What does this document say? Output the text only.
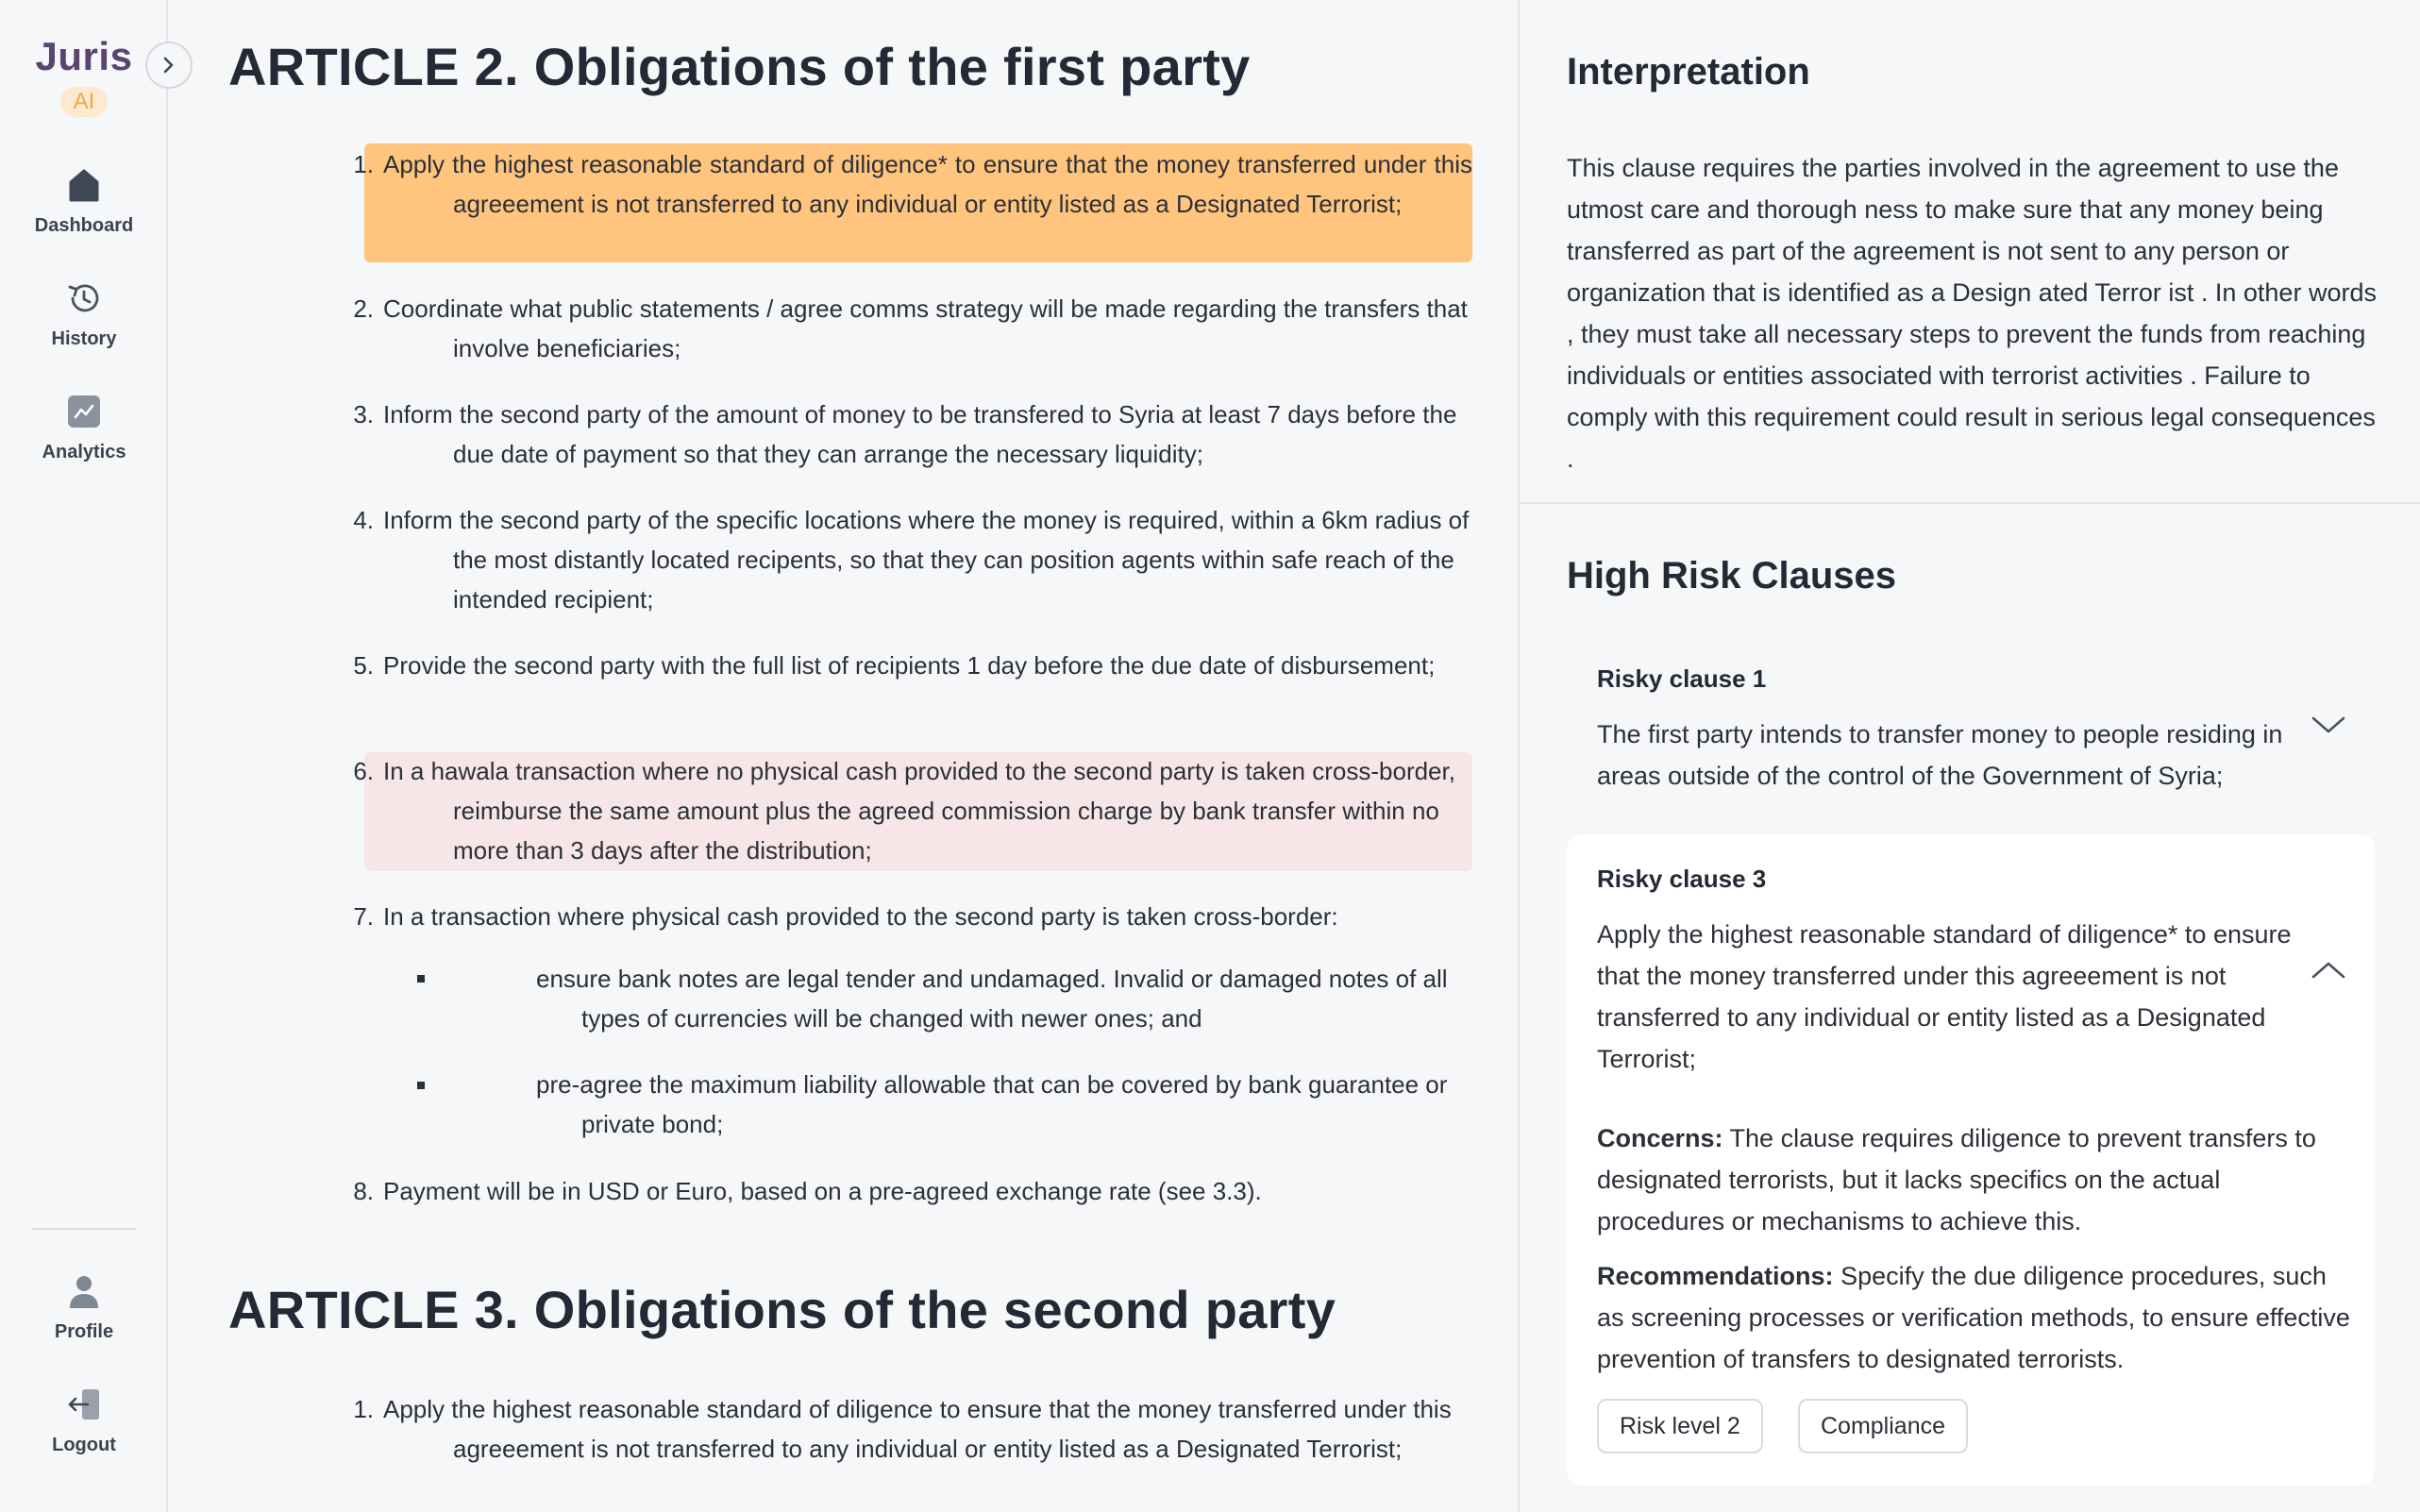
Juris
AI
Dashboard
History
Analytics
Profile
Logout
ARTICLE 2. Obligations of the first party
1. Apply the highest reasonable standard of diligence* to ensure that the money transferred under this agreeement is not transferred to any individual or entity listed as a Designated Terrorist;

2. Coordinate what public statements / agree comms strategy will be made regarding the transfers that involve beneficiaries;

3. Inform the second party of the amount of money to be transfered to Syria at least 7 days before the due date of payment so that they can arrange the necessary liquidity;

4. Inform the second party of the specific locations where the money is required, within a 6km radius of the most distantly located recipents, so that they can position agents within safe reach of the intended recipient;

5. Provide the second party with the full list of recipients 1 day before the due date of disbursement;

6. In a hawala transaction where no physical cash provided to the second party is taken cross-border, reimburse the same amount plus the agreed commission charge by bank transfer within no more than 3 days after the distribution;

7. In a transaction where physical cash provided to the second party is taken cross-border:

ensure bank notes are legal tender and undamaged. Invalid or damaged notes of all types of currencies will be changed with newer ones; and

pre-agree the maximum liability allowable that can be covered by bank guarantee or private bond;

8. Payment will be in USD or Euro, based on a pre-agreed exchange rate (see 3.3).

ARTICLE 3. Obligations of the second party
1. Apply the highest reasonable standard of diligence to ensure that the money transferred under this agreeement is not transferred to any individual or entity listed as a Designated Terrorist;

Interpretation
This clause requires the parties involved in the agreement to use the utmost care and thorough ness to make sure that any money being transferred as part of the agreement is not sent to any person or organization that is identified as a Design ated Terror ist . In other words , they must take all necessary steps to prevent the funds from reaching individuals or entities associated with terrorist activities . Failure to comply with this requirement could result in serious legal consequences .
High Risk Clauses
Risky clause 1
The first party intends to transfer money to people residing in areas outside of the control of the Government of Syria;
Risky clause 3
Apply the highest reasonable standard of diligence* to ensure that the money transferred under this agreeement is not transferred to any individual or entity listed as a Designated Terrorist;
Concerns: The clause requires diligence to prevent transfers to designated terrorists, but it lacks specifics on the actual procedures or mechanisms to achieve this.
Recommendations: Specify the due diligence procedures, such as screening processes or verification methods, to ensure effective prevention of transfers to designated terrorists.
Risk level 2	Compliance
